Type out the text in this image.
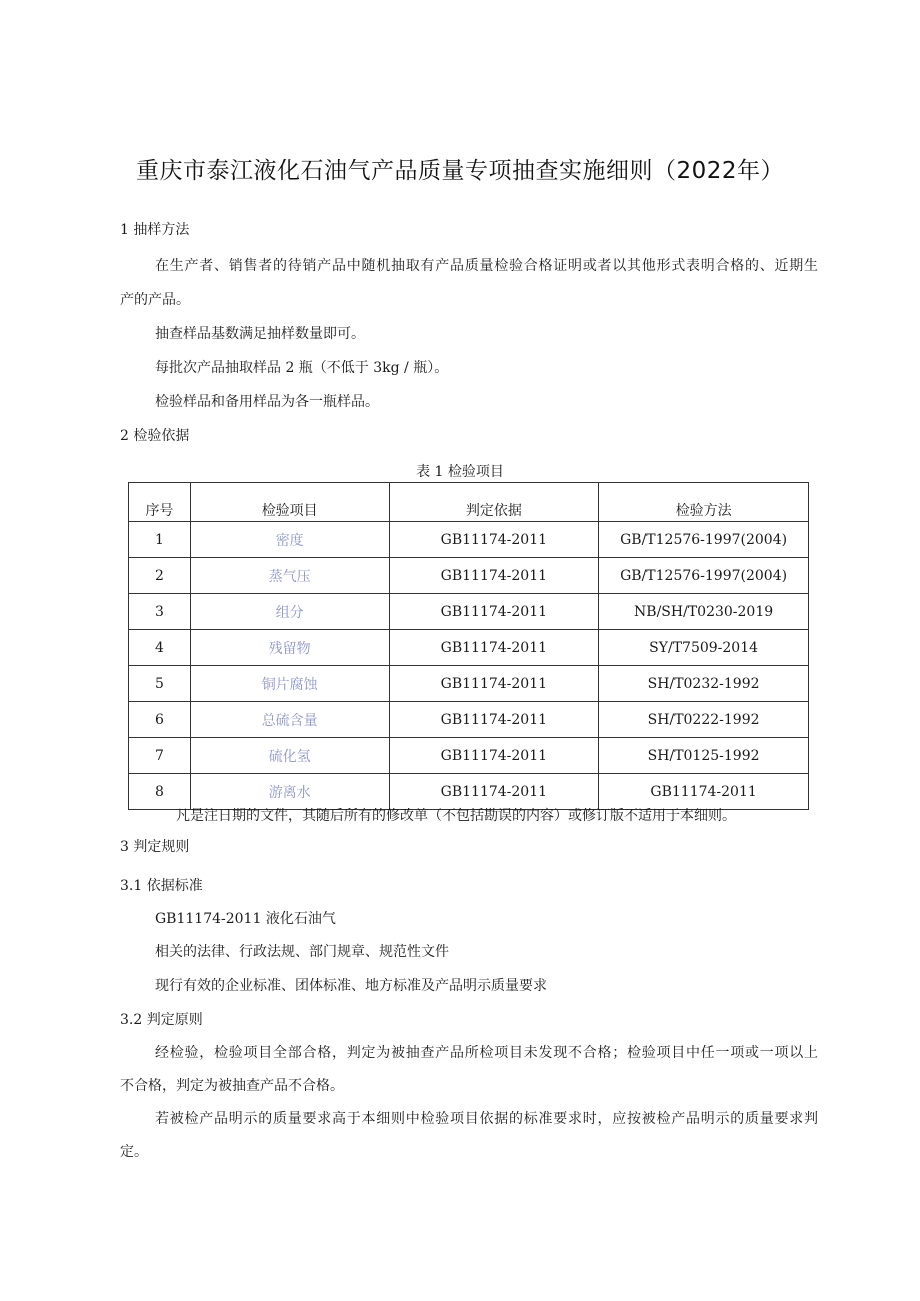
重庆市泰江液化石油气产品质量专项抽查实施细则（2022年）
1 抽样方法
在生产者、销售者的待销产品中随机抽取有产品质量检验合格证明或者以其他形式表明合格的、近期生
产的产品。
抽查样品基数满足抽样数量即可。
每批次产品抽取样品 2 瓶（不低于 3kg / 瓶）。
检验样品和备用样品为各一瓶样品。
2 检验依据
表 1 检验项目
序号	检验项目	判定依据	检验方法
1	密度	GB11174-2011	GB/T12576-1997(2004)
2	蒸气压	GB11174-2011	GB/T12576-1997(2004)
3	组分	GB11174-2011	NB/SH/T0230-2019
4	残留物	GB11174-2011	SY/T7509-2014
5	铜片腐蚀	GB11174-2011	SH/T0232-1992
6	总硫含量	GB11174-2011	SH/T0222-1992
7	硫化氢	GB11174-2011	SH/T0125-1992
8	游离水	GB11174-2011	GB11174-2011
凡是注日期的文件，其随后所有的修改单（不包括勘误的内容）或修订版不适用于本细则。
3 判定规则
3.1 依据标准
GB11174-2011 液化石油气
相关的法律、行政法规、部门规章、规范性文件
现行有效的企业标准、团体标准、地方标准及产品明示质量要求
3.2 判定原则
经检验，检验项目全部合格，判定为被抽查产品所检项目未发现不合格；检验项目中任一项或一项以上
不合格，判定为被抽查产品不合格。
若被检产品明示的质量要求高于本细则中检验项目依据的标准要求时，应按被检产品明示的质量要求判
定。
